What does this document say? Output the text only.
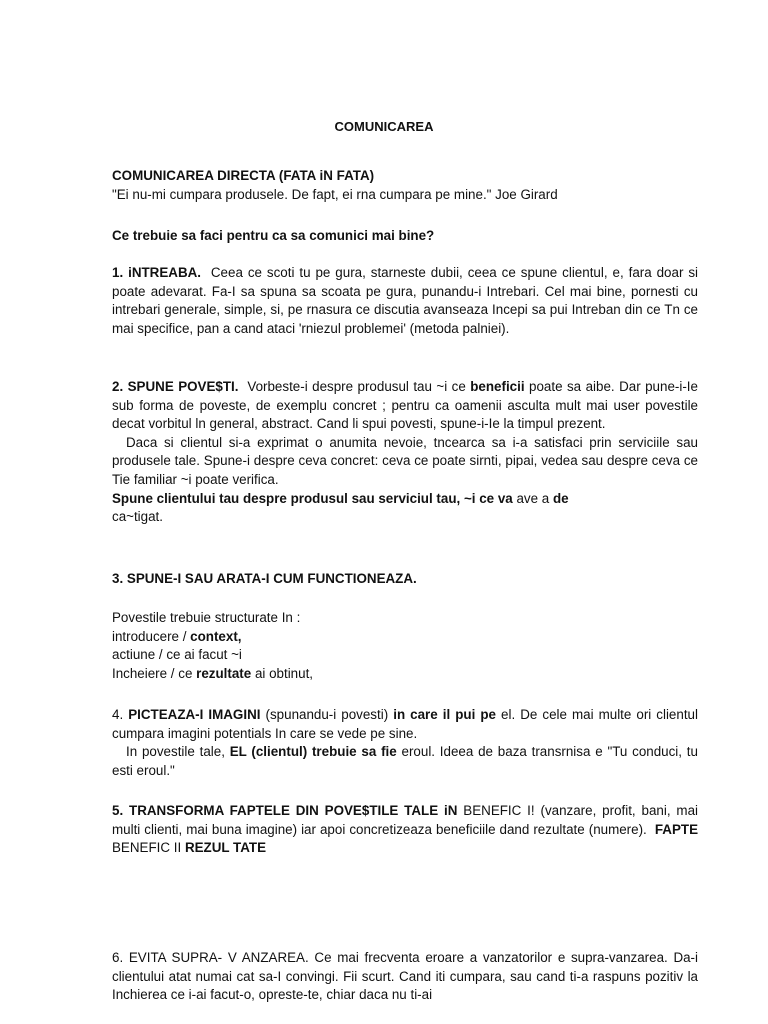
COMUNICAREA

COMUNICAREA DIRECTA (FATA iN FATA)

"Ei nu-mi cumpara produsele. De fapt, ei rna cumpara pe mine." Joe Girard

Ce trebuie sa faci pentru ca sa comunici mai bine?

1. iNTREABA. Ceea ce scoti tu pe gura, starneste dubii, ceea ce spune clientul, e, fara doar si poate adevarat. Fa-I sa spuna sa scoata pe gura, punandu-i Intrebari. Cel mai bine, pornesti cu intrebari generale, simple, si, pe rnasura ce discutia avanseaza Incepi sa pui Intreban din ce Tn ce mai specifice, pan a cand ataci 'rniezul problemei' (metoda palniei).

2. SPUNE POVE$TI. Vorbeste-i despre produsul tau ~i ce beneficii poate sa aibe. Dar pune-i-Ie sub forma de poveste, de exemplu concret ; pentru ca oamenii asculta mult mai user povestile decat vorbitul ln general, abstract. Cand li spui povesti, spune-i-Ie la timpul prezent.

Daca si clientul si-a exprimat o anumita nevoie, tncearca sa i-a satisfaci prin serviciile sau produsele tale. Spune-i despre ceva concret: ceva ce poate sirnti, pipai, vedea sau despre ceva ce Tie familiar ~i poate verifica.

Spune clientului tau despre produsul sau serviciul tau, ~i ce va ave a de
ca~tigat.

3. SPUNE-I SAU ARATA-I CUM FUNCTIONEAZA.

Povestile trebuie structurate In :

introducere / context,

actiune / ce ai facut ~i

Incheiere / ce rezultate ai obtinut,

4. PICTEAZA-I IMAGINI (spunandu-i povesti) in care il pui pe el. De cele mai multe ori clientul cumpara imagini potentials In care se vede pe sine.

In povestile tale, EL (clientul) trebuie sa fie eroul. Ideea de baza transrnisa e "Tu conduci, tu esti eroul."

5. TRANSFORMA FAPTELE DIN POVE$TILE TALE iN BENEFIC I! (vanzare, profit, bani, mai multi clienti, mai buna imagine) iar apoi concretizeaza beneficiile dand rezultate (numere). FAPTE BENEFIC II REZUL TATE

6. EVITA SUPRA- V ANZAREA. Ce mai frecventa eroare a vanzatorilor e supra-vanzarea. Da-i clientului atat numai cat sa-I convingi. Fii scurt. Cand iti cumpara, sau cand ti-a raspuns pozitiv la Inchierea ce i-ai facut-o, opreste-te, chiar daca nu ti-ai
